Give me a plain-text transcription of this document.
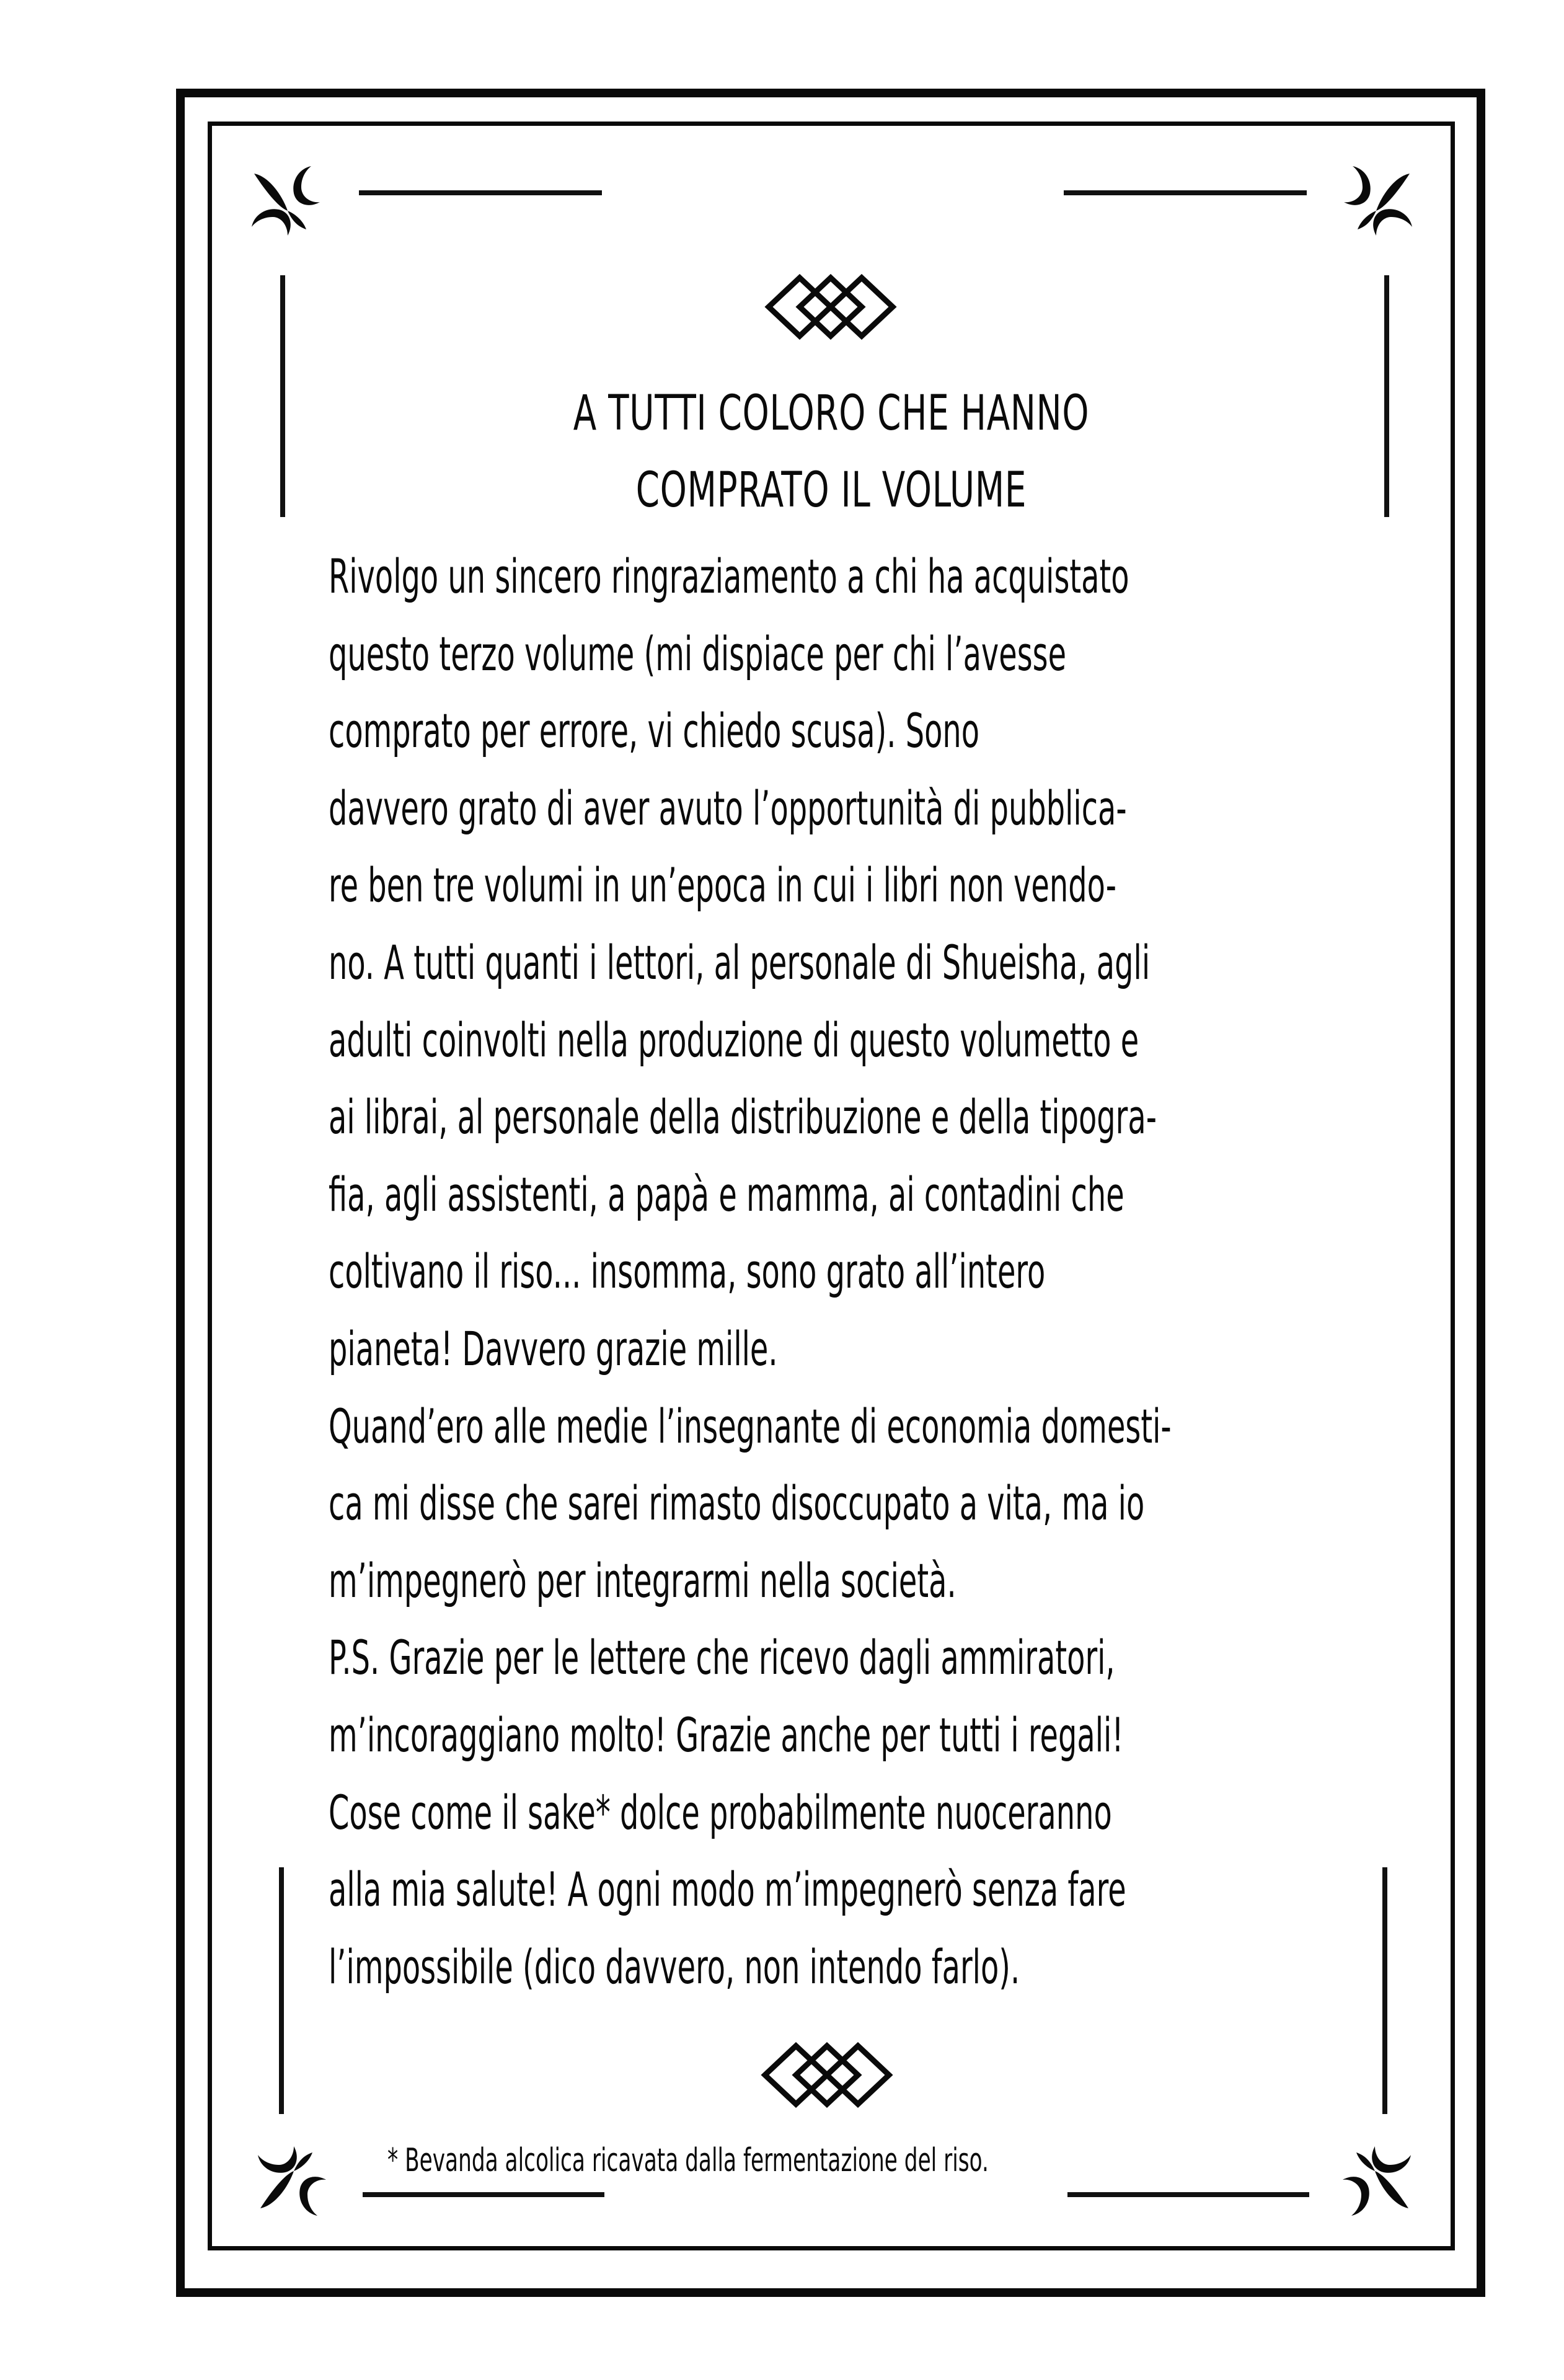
A TUTTI COLORO CHE HANNO
COMPRATO IL VOLUME
Rivolgo un sincero ringraziamento a chi ha acquistato
questo terzo volume (mi dispiace per chi l’avesse
comprato per errore, vi chiedo scusa). Sono
davvero grato di aver avuto l’opportunità di pubblica-
re ben tre volumi in un’epoca in cui i libri non vendo-
no. A tutti quanti i lettori, al personale di Shueisha, agli
adulti coinvolti nella produzione di questo volumetto e
ai librai, al personale della distribuzione e della tipogra-
fia, agli assistenti, a papà e mamma, ai contadini che
coltivano il riso... insomma, sono grato all’intero
pianeta! Davvero grazie mille.
Quand’ero alle medie l’insegnante di economia domesti-
ca mi disse che sarei rimasto disoccupato a vita, ma io
m’impegnerò per integrarmi nella società.
P.S. Grazie per le lettere che ricevo dagli ammiratori,
m’incoraggiano molto! Grazie anche per tutti i regali!
Cose come il sake* dolce probabilmente nuoceranno
alla mia salute! A ogni modo m’impegnerò senza fare
l’impossibile (dico davvero, non intendo farlo).
* Bevanda alcolica ricavata dalla fermentazione del riso.
